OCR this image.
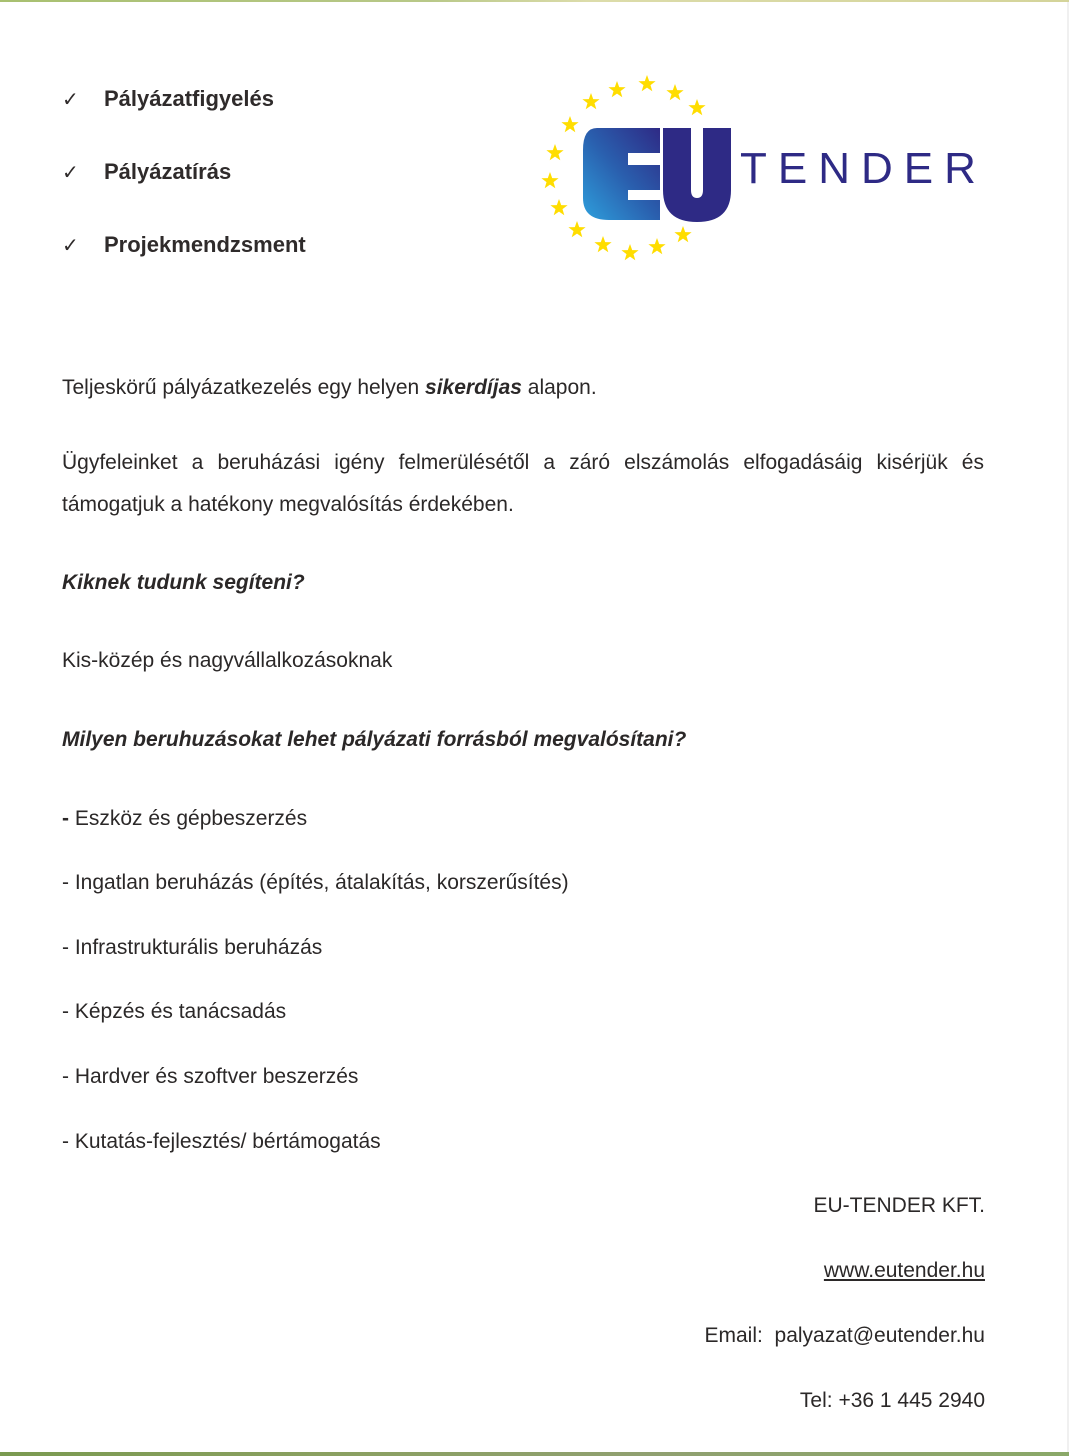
✓	Pályázatfigyelés
✓	Pályázatírás
✓	Projekmendzsment
TENDER
Teljeskörű pályázatkezelés egy helyen sikerdíjas alapon.
Ügyfeleinket a beruházási igény felmerülésétől a záró elszámolás elfogadásáig kisérjük és támogatjuk a hatékony megvalósítás érdekében.
Kiknek tudunk segíteni?
Kis-közép és nagyvállalkozásoknak
Milyen beruhuzásokat lehet pályázati forrásból megvalósítani?
- Eszköz és gépbeszerzés
- Ingatlan beruházás (építés, átalakítás, korszerűsítés)
- Infrastrukturális beruházás
- Képzés és tanácsadás
- Hardver és szoftver beszerzés
- Kutatás-fejlesztés/ bértámogatás
EU-TENDER KFT.
www.eutender.hu
Email: palyazat@eutender.hu
Tel: +36 1 445 2940
